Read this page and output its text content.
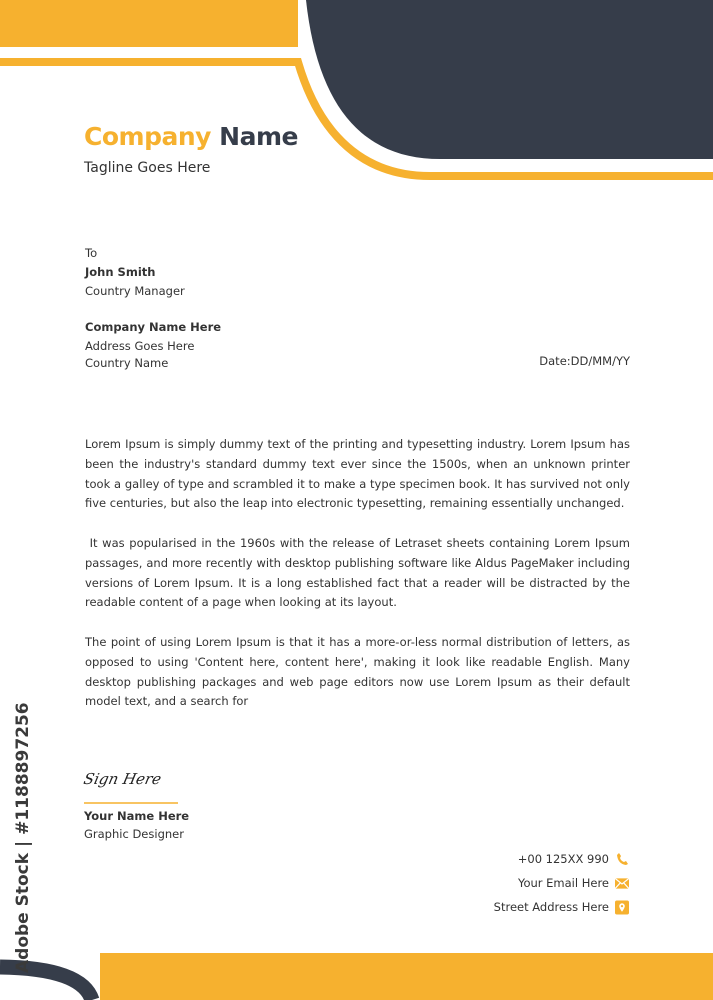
Company Name
Tagline Goes Here
To
John Smith
Country Manager
Company Name Here
Address Goes Here
Country Name	Date:DD/MM/YY
Lorem Ipsum is simply dummy text of the printing and typesetting industry. Lorem Ipsum has been the industry's standard dummy text ever since the 1500s, when an unknown printer took a galley of type and scrambled it to make a type specimen book. It has survived not only five centuries, but also the leap into electronic typesetting, remaining essentially unchanged.
It was popularised in the 1960s with the release of Letraset sheets containing Lorem Ipsum passages, and more recently with desktop publishing software like Aldus PageMaker including versions of Lorem Ipsum. It is a long established fact that a reader will be distracted by the readable content of a page when looking at its layout.
The point of using Lorem Ipsum is that it has a more-or-less normal distribution of letters, as opposed to using 'Content here, content here', making it look like readable English. Many desktop publishing packages and web page editors now use Lorem Ipsum as their default model text, and a search for
Sign Here
Your Name Here
Graphic Designer
+00 125XX 990
Your Email Here
Street Address Here
Adobe Stock | #1188897256
